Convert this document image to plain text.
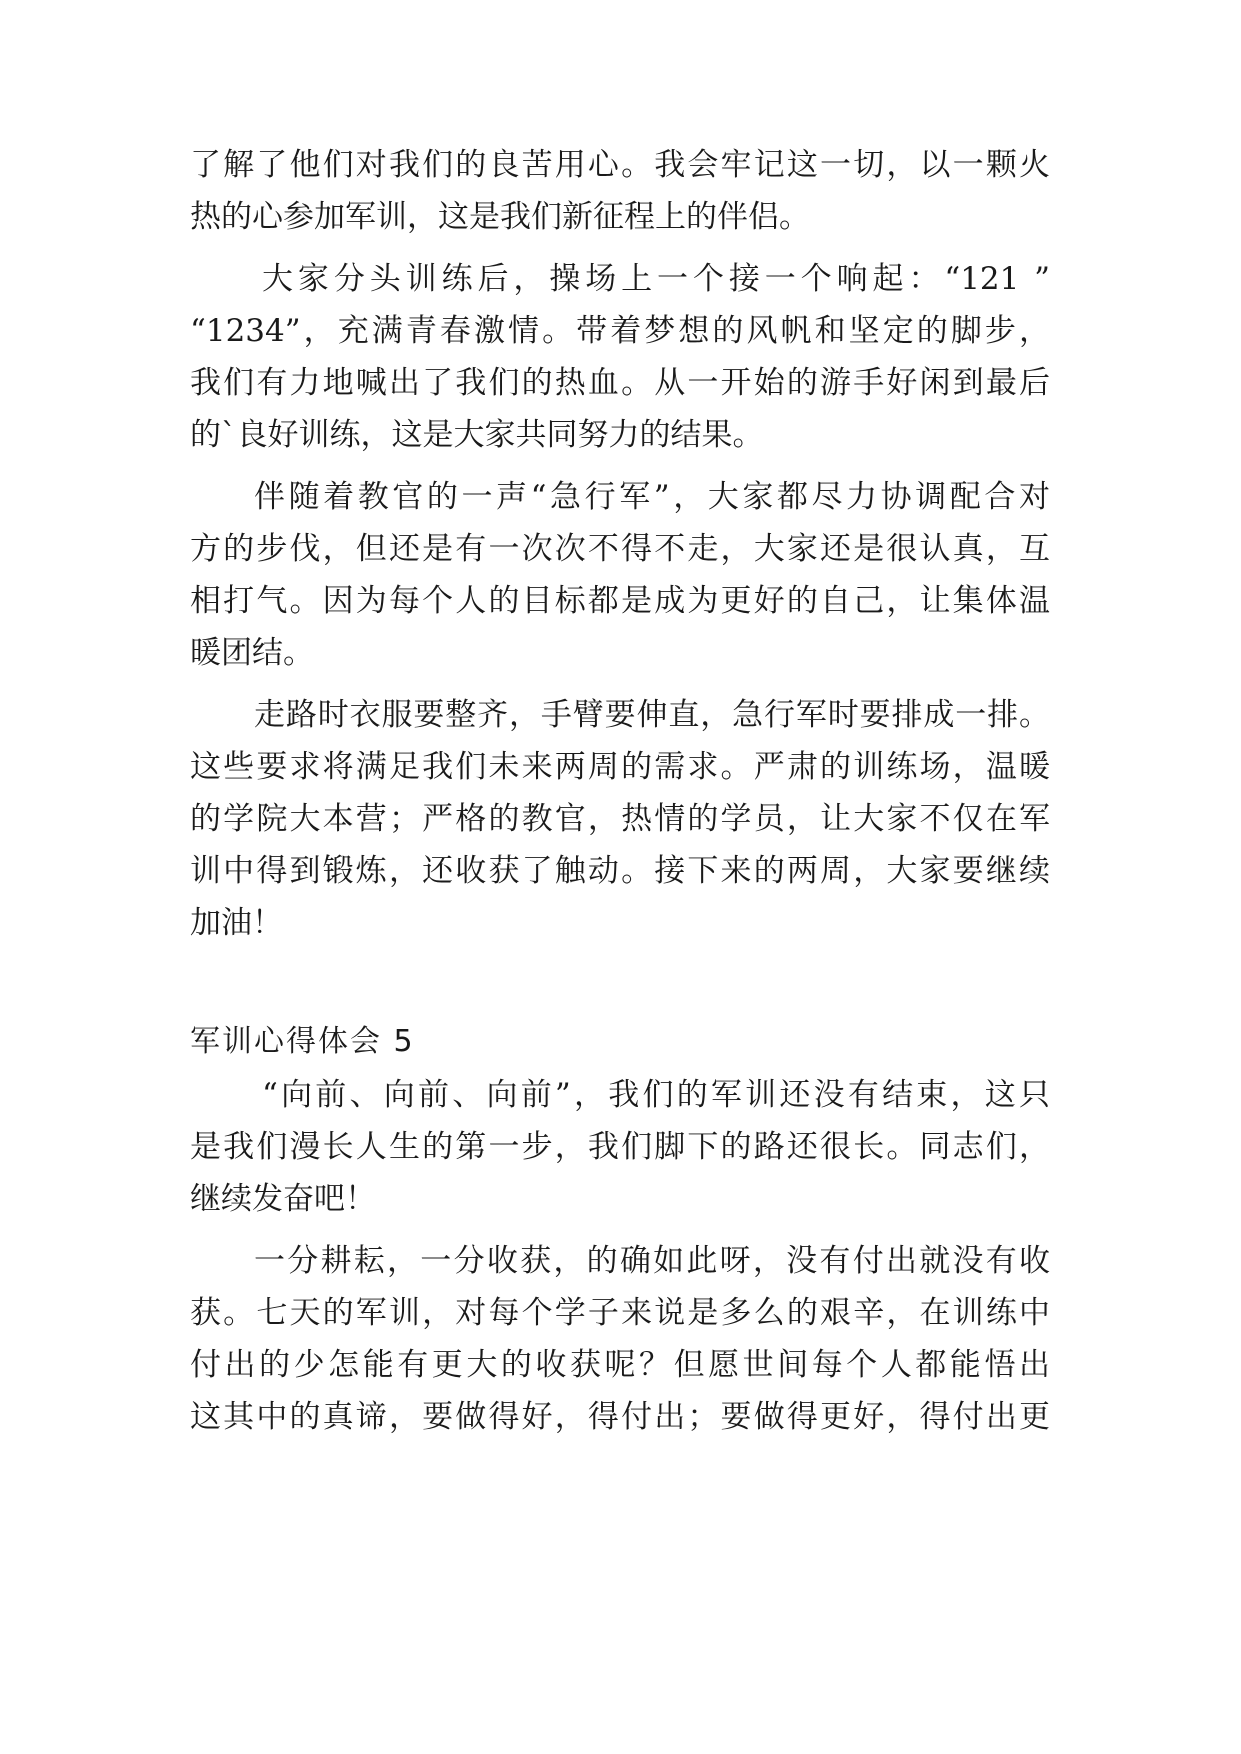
了解了他们对我们的良苦用心。我会牢记这一切，以一颗火
热的心参加军训，这是我们新征程上的伴侣。
大家分头训练后，操场上一个接一个响起：“121 ”
“1234”，充满青春激情。带着梦想的风帆和坚定的脚步，
我们有力地喊出了我们的热血。从一开始的游手好闲到最后
的`良好训练，这是大家共同努力的结果。
伴随着教官的一声“急行军”，大家都尽力协调配合对
方的步伐，但还是有一次次不得不走，大家还是很认真，互
相打气。因为每个人的目标都是成为更好的自己，让集体温
暖团结。
走路时衣服要整齐，手臂要伸直，急行军时要排成一排。
这些要求将满足我们未来两周的需求。严肃的训练场，温暖
的学院大本营；严格的教官，热情的学员，让大家不仅在军
训中得到锻炼，还收获了触动。接下来的两周，大家要继续
加油！
军训心得体会 5
“向前、向前、向前”，我们的军训还没有结束，这只
是我们漫长人生的第一步，我们脚下的路还很长。同志们，
继续发奋吧！
一分耕耘，一分收获，的确如此呀，没有付出就没有收
获。七天的军训，对每个学子来说是多么的艰辛，在训练中
付出的少怎能有更大的收获呢？但愿世间每个人都能悟出
这其中的真谛，要做得好，得付出；要做得更好，得付出更
